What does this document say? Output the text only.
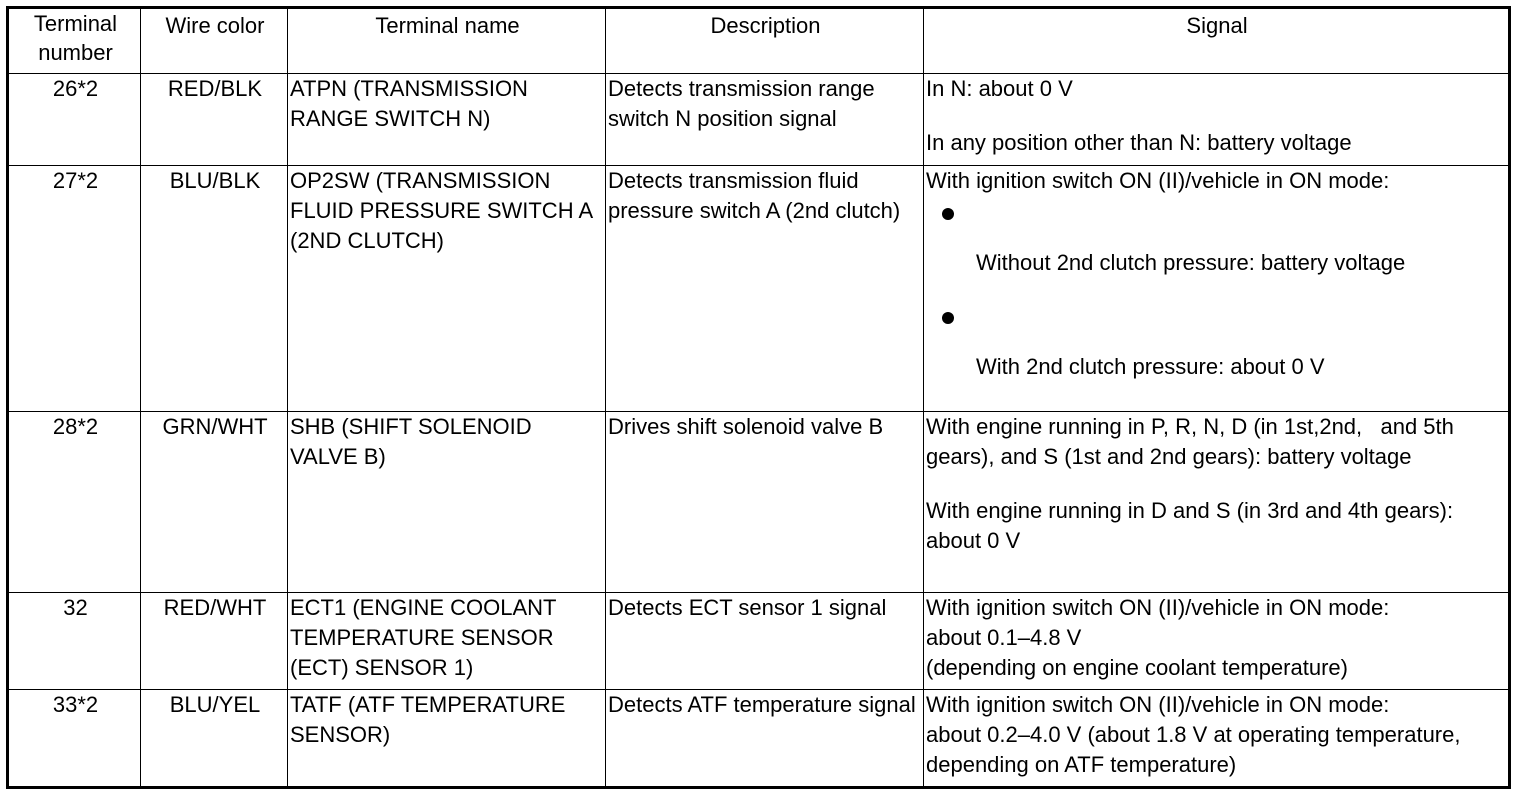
Terminal
number	Wire color	Terminal name	Description	Signal
26*2	RED/BLK	ATPN (TRANSMISSION RANGE SWITCH N)	Detects transmission range switch N position signal	In N: about 0 V
In any position other than N: battery voltage

27*2	BLU/BLK	OP2SW (TRANSMISSION FLUID PRESSURE SWITCH A (2ND CLUTCH)	Detects transmission fluid pressure switch A (2nd clutch)	With ignition switch ON (II)/vehicle in ON mode:
Without 2nd clutch pressure: battery voltage
With 2nd clutch pressure: about 0 V

28*2	GRN/WHT	SHB (SHIFT SOLENOID VALVE B)	Drives shift solenoid valve B	With engine running in P, R, N, D (in 1st,2nd,   and 5th gears), and S (1st and 2nd gears): battery voltage
With engine running in D and S (in 3rd and 4th gears): about 0 V

32	RED/WHT	ECT1 (ENGINE COOLANT TEMPERATURE SENSOR (ECT) SENSOR 1)	Detects ECT sensor 1 signal	With ignition switch ON (II)/vehicle in ON mode:
about 0.1–4.8 V
(depending on engine coolant temperature)

33*2	BLU/YEL	TATF (ATF TEMPERATURE SENSOR)	Detects ATF temperature signal	With ignition switch ON (II)/vehicle in ON mode:
about 0.2–4.0 V (about 1.8 V at operating temperature, depending on ATF temperature)
